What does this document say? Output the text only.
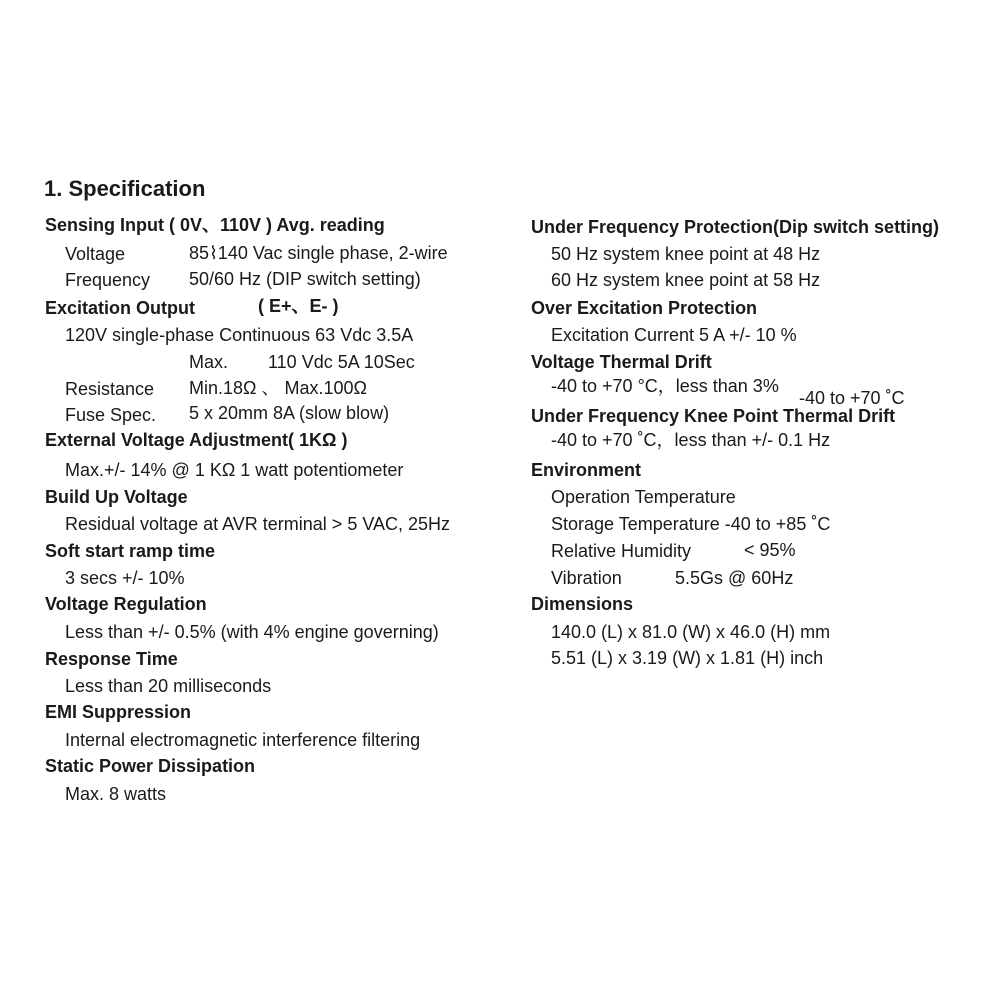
1. Specification
Sensing Input ( 0V、110V ) Avg. reading
Voltage	85⌇140 Vac single phase, 2-wire
Frequency 50/60 Hz (DIP switch setting)
Excitation Output	( E+、E- )
120V single-phase Continuous 63 Vdc 3.5A
Max. 110 Vdc 5A 10Sec
Resistance Min.18Ω 、 Max.100Ω
Fuse Spec. 5 x 20mm 8A (slow blow)
External Voltage Adjustment( 1KΩ )
Max.+/- 14% @ 1 KΩ 1 watt potentiometer
Build Up Voltage
Residual voltage at AVR terminal > 5 VAC, 25Hz
Soft start ramp time
3 secs +/- 10%
Voltage Regulation
Less than +/- 0.5% (with 4% engine governing)
Response Time
Less than 20 milliseconds
EMI Suppression
Internal electromagnetic interference filtering
Static Power Dissipation
Max. 8 watts
Under Frequency Protection(Dip switch setting)
50 Hz system knee point at 48 Hz
60 Hz system knee point at 58 Hz
Over Excitation Protection
Excitation Current 5 A +/- 10 %
Voltage Thermal Drift
-40 to +70 °C，less than 3%
-40 to +70 ˚C
Under Frequency Knee Point Thermal Drift
-40 to +70 ˚C，less than +/- 0.1 Hz
Environment
Operation Temperature
Storage Temperature -40 to +85 ˚C
Relative Humidity	< 95%
Vibration	5.5Gs @ 60Hz
Dimensions
140.0 (L) x 81.0 (W) x 46.0 (H) mm
5.51 (L) x 3.19 (W) x 1.81 (H) inch
